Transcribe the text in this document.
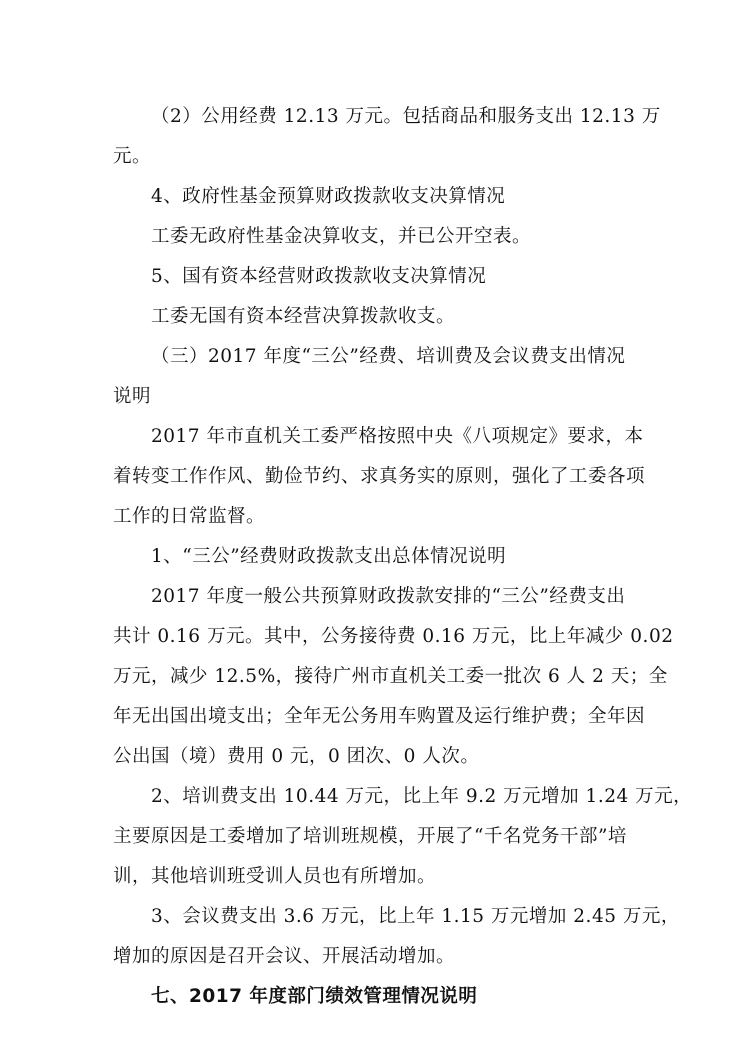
（2）公用经费 12.13 万元。包括商品和服务支出 12.13 万
元。
4、政府性基金预算财政拨款收支决算情况
工委无政府性基金决算收支，并已公开空表。
5、国有资本经营财政拨款收支决算情况
工委无国有资本经营决算拨款收支。
（三）2017 年度“三公”经费、培训费及会议费支出情况
说明
2017 年市直机关工委严格按照中央《八项规定》要求，本
着转变工作作风、勤俭节约、求真务实的原则，强化了工委各项
工作的日常监督。
1、“三公”经费财政拨款支出总体情况说明
2017 年度一般公共预算财政拨款安排的“三公”经费支出
共计 0.16 万元。其中，公务接待费 0.16 万元，比上年减少 0.02
万元，减少 12.5%，接待广州市直机关工委一批次 6 人 2 天；全
年无出国出境支出；全年无公务用车购置及运行维护费；全年因
公出国（境）费用 0 元，0 团次、0 人次。
2、培训费支出 10.44 万元，比上年 9.2 万元增加 1.24 万元，
主要原因是工委增加了培训班规模，开展了“千名党务干部”培
训，其他培训班受训人员也有所增加。
3、会议费支出 3.6 万元，比上年 1.15 万元增加 2.45 万元，
增加的原因是召开会议、开展活动增加。
七、2017 年度部门绩效管理情况说明
